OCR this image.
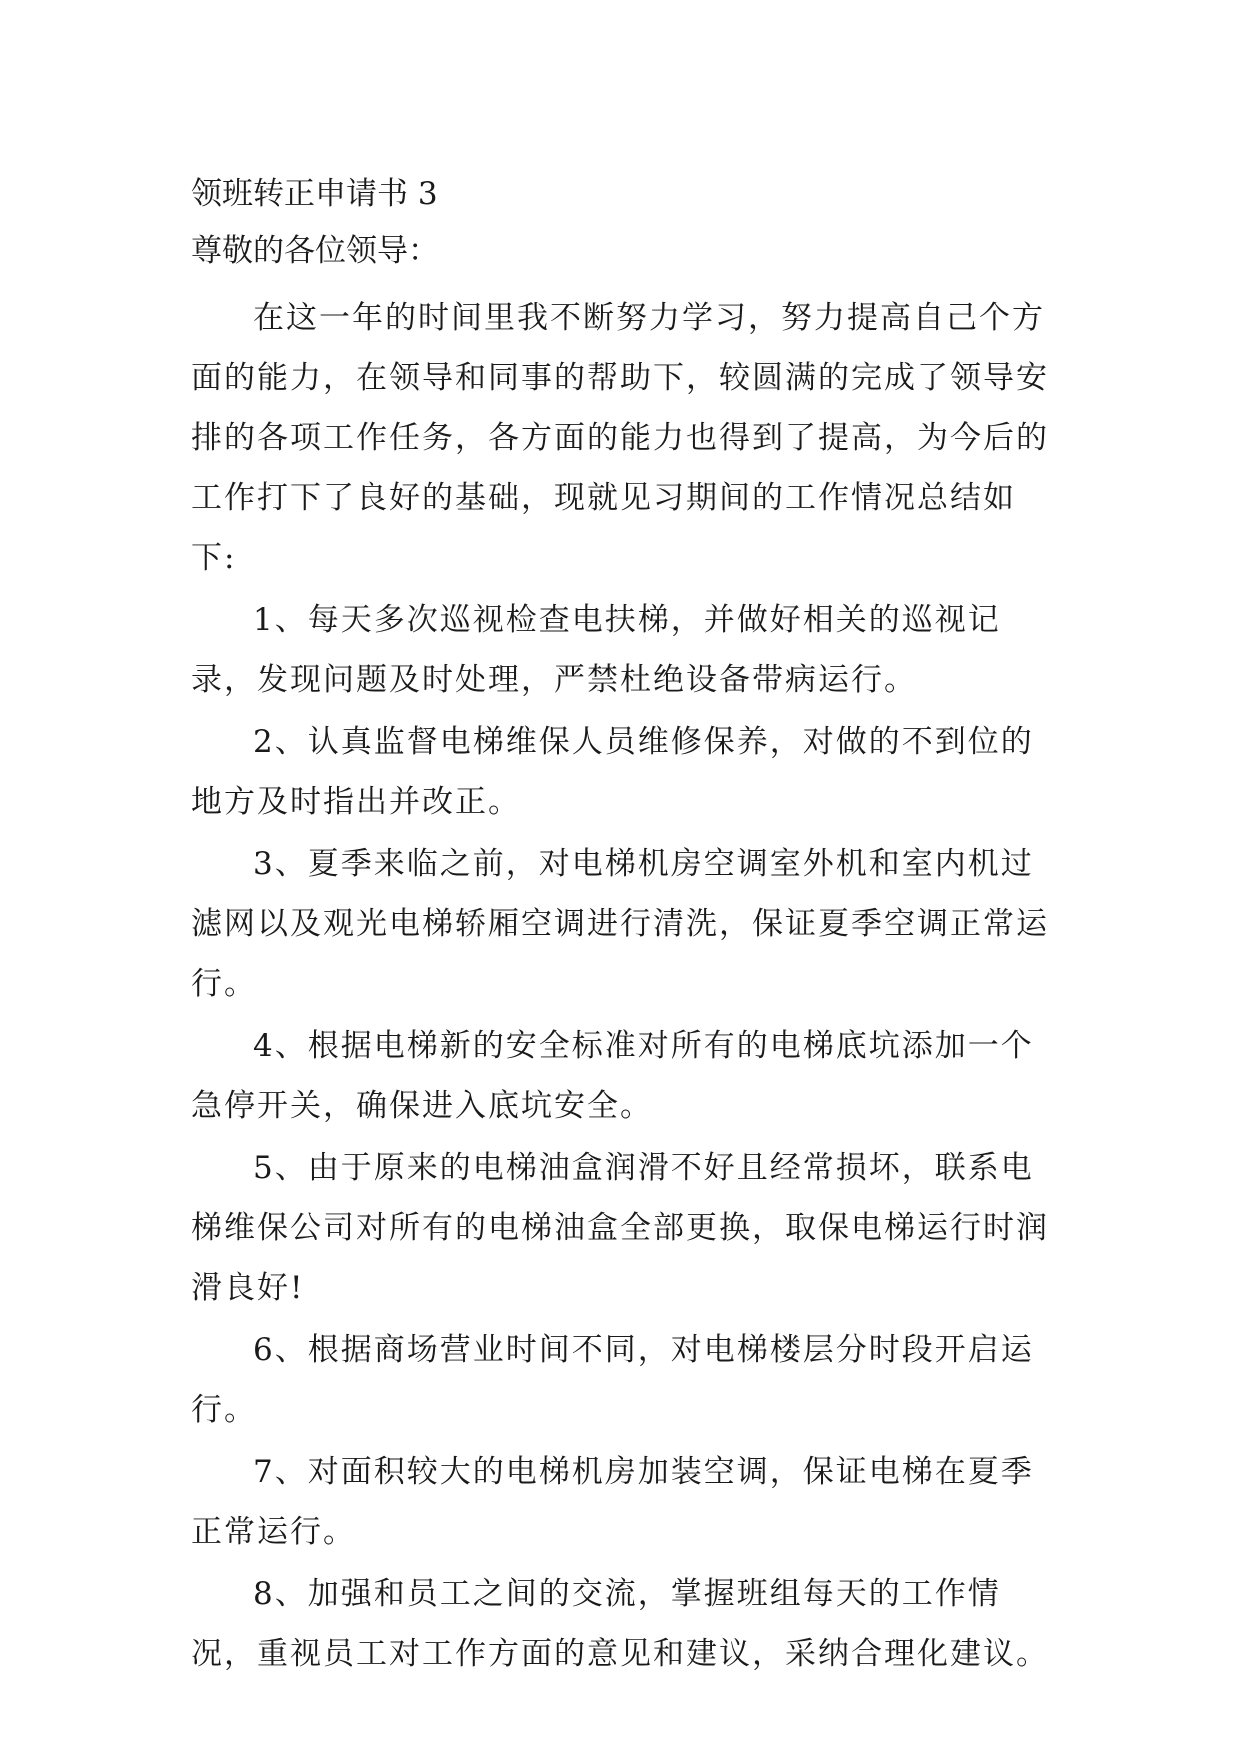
领班转正申请书 3

尊敬的各位领导：

在这一年的时间里我不断努力学习，努力提高自己个方面的能力，在领导和同事的帮助下，较圆满的完成了领导安排的各项工作任务，各方面的能力也得到了提高，为今后的工作打下了良好的基础，现就见习期间的工作情况总结如下:

1、每天多次巡视检查电扶梯，并做好相关的巡视记录，发现问题及时处理，严禁杜绝设备带病运行。

2、认真监督电梯维保人员维修保养，对做的不到位的地方及时指出并改正。

3、夏季来临之前，对电梯机房空调室外机和室内机过滤网以及观光电梯轿厢空调进行清洗，保证夏季空调正常运行。

4、根据电梯新的安全标准对所有的电梯底坑添加一个急停开关，确保进入底坑安全。

5、由于原来的电梯油盒润滑不好且经常损坏，联系电梯维保公司对所有的电梯油盒全部更换，取保电梯运行时润滑良好!

6、根据商场营业时间不同，对电梯楼层分时段开启运行。

7、对面积较大的电梯机房加装空调，保证电梯在夏季正常运行。

8、加强和员工之间的交流，掌握班组每天的工作情况，重视员工对工作方面的意见和建议，采纳合理化建议。
